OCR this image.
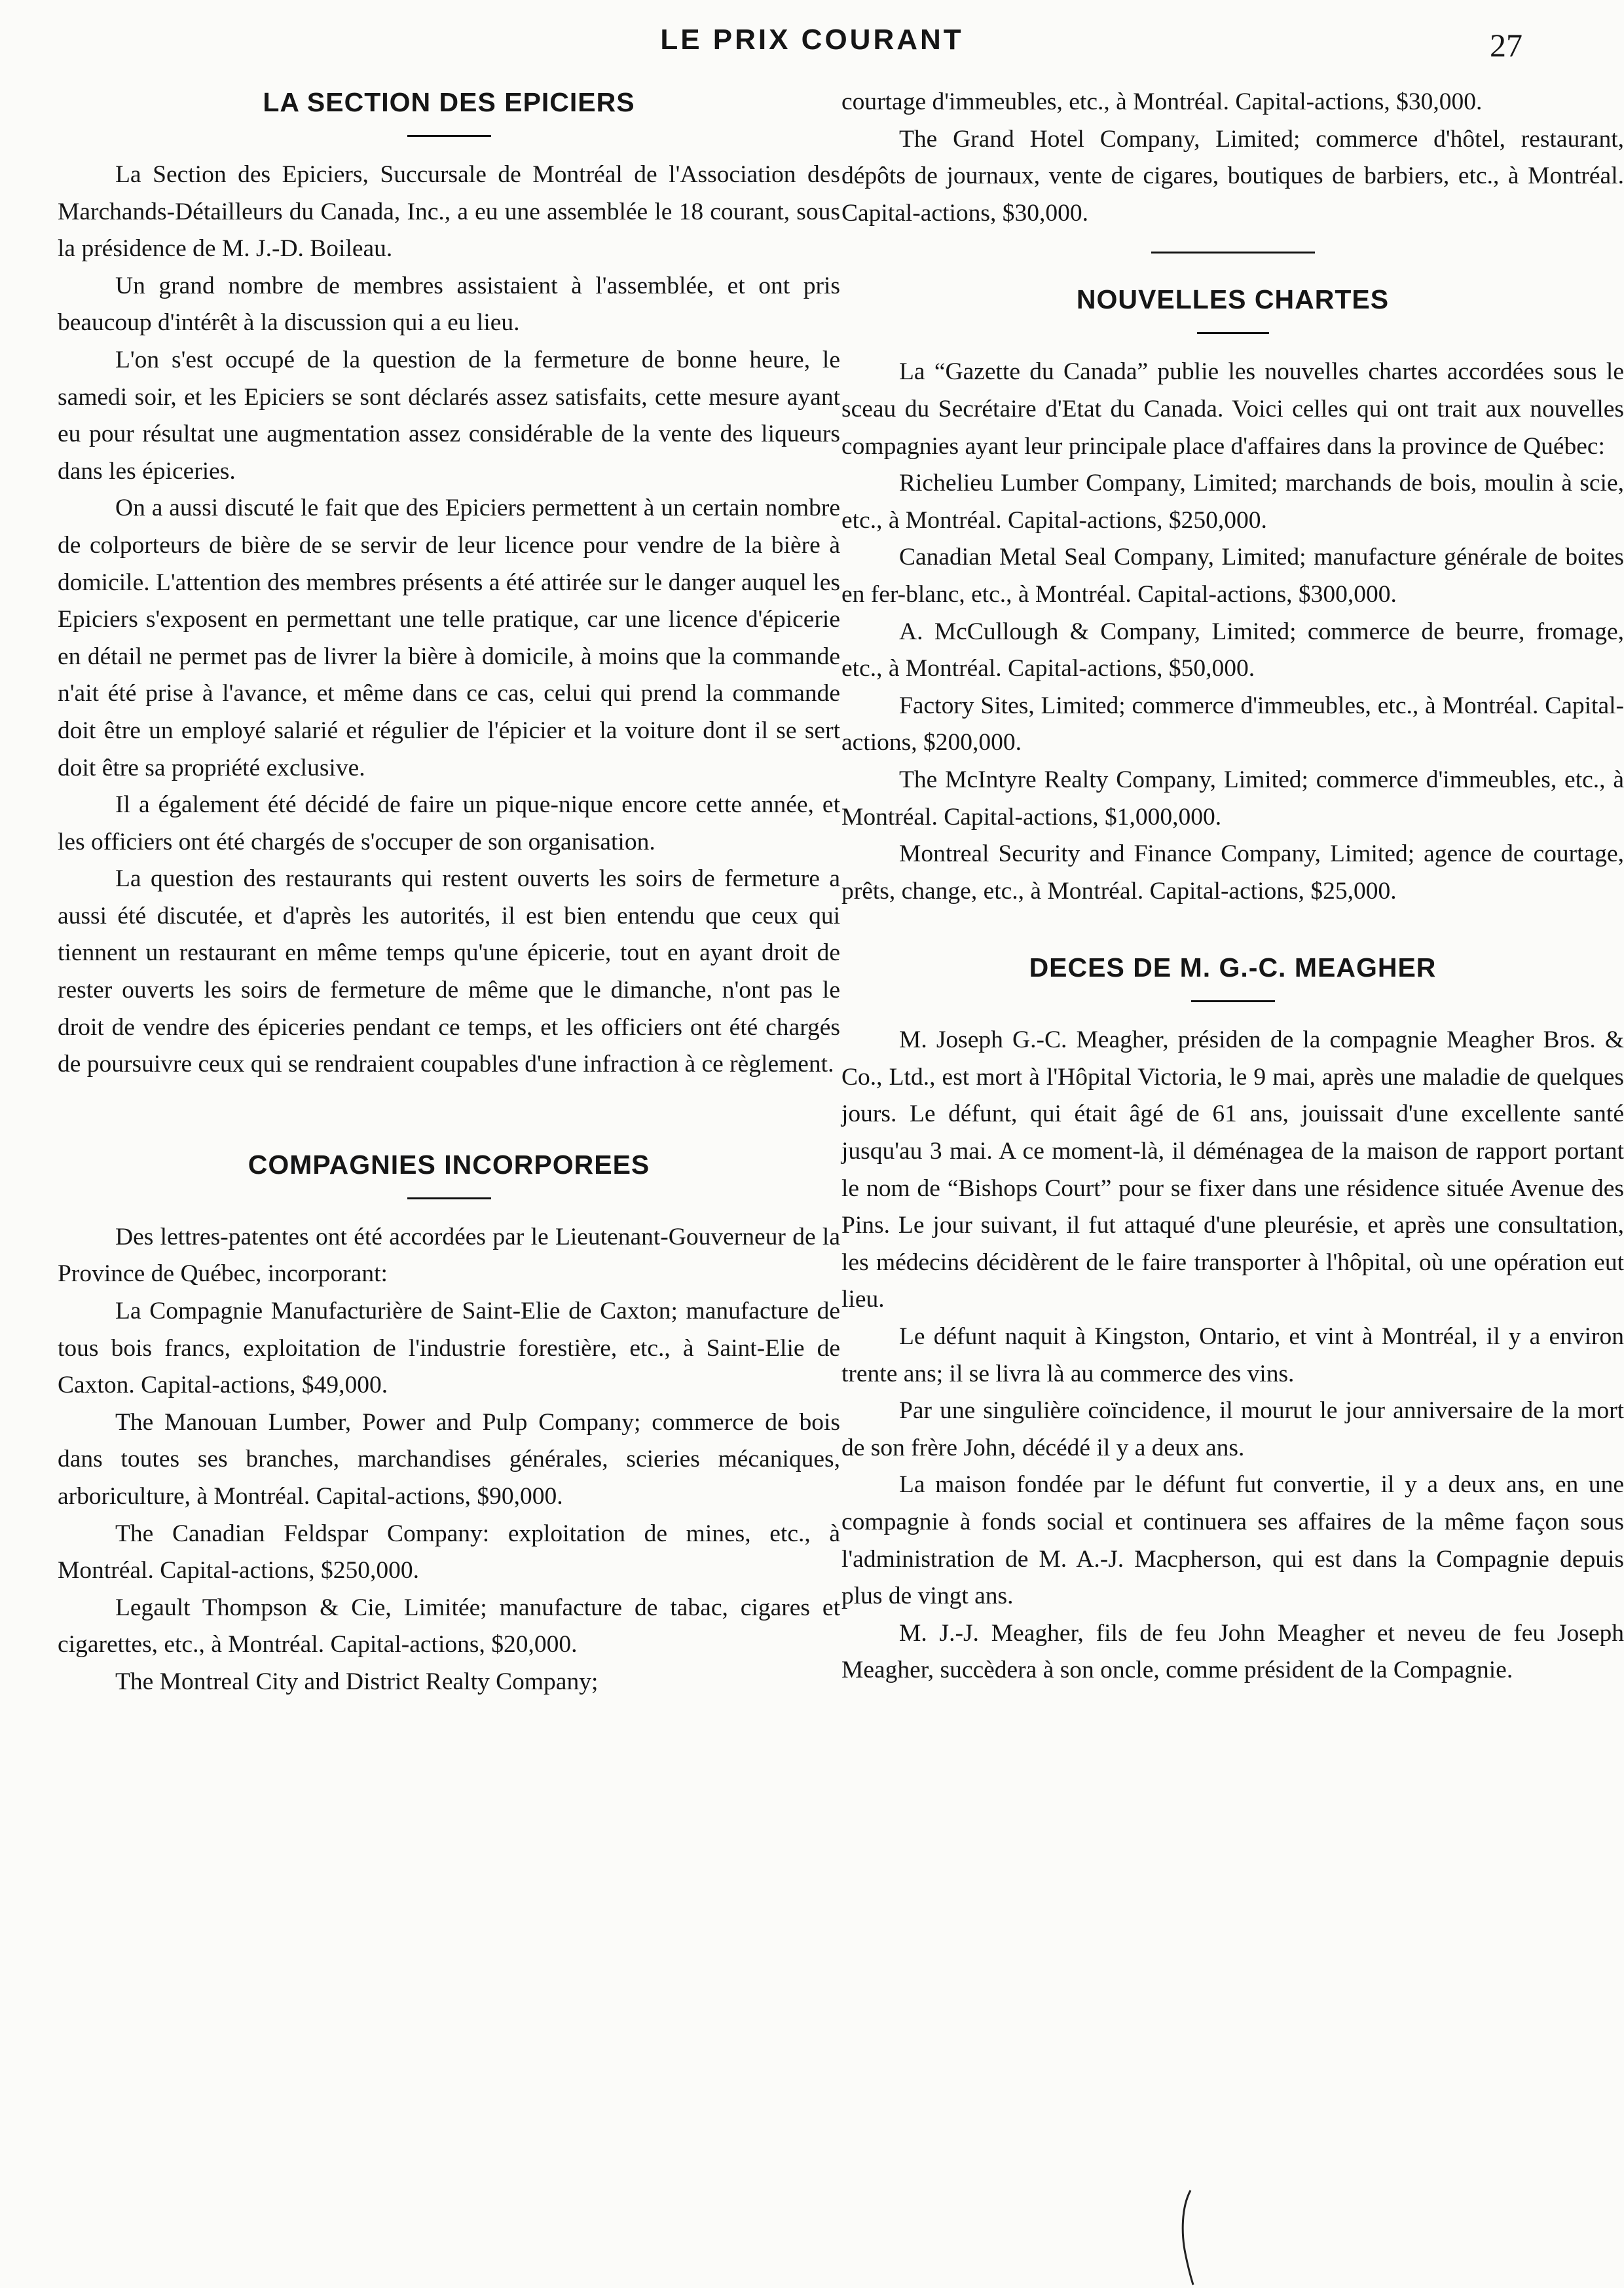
LE PRIX COURANT	27
LA SECTION DES EPICIERS

La Section des Epiciers, Succursale de Montréal de l'Association des Marchands-Détailleurs du Canada, Inc., a eu une assemblée le 18 courant, sous la présidence de M. J.-D. Boileau.

Un grand nombre de membres assistaient à l'assemblée, et ont pris beaucoup d'intérêt à la discussion qui a eu lieu.

L'on s'est occupé de la question de la fermeture de bonne heure, le samedi soir, et les Epiciers se sont déclarés assez satisfaits, cette mesure ayant eu pour résultat une augmentation assez considérable de la vente des liqueurs dans les épiceries.

On a aussi discuté le fait que des Epiciers permettent à un certain nombre de colporteurs de bière de se servir de leur licence pour vendre de la bière à domicile. L'attention des membres présents a été attirée sur le danger auquel les Epiciers s'exposent en permettant une telle pratique, car une licence d'épicerie en détail ne permet pas de livrer la bière à domicile, à moins que la commande n'ait été prise à l'avance, et même dans ce cas, celui qui prend la commande doit être un employé salarié et régulier de l'épicier et la voiture dont il se sert doit être sa propriété exclusive.

Il a également été décidé de faire un pique-nique encore cette année, et les officiers ont été chargés de s'occuper de son organisation.

La question des restaurants qui restent ouverts les soirs de fermeture a aussi été discutée, et d'après les autorités, il est bien entendu que ceux qui tiennent un restaurant en même temps qu'une épicerie, tout en ayant droit de rester ouverts les soirs de fermeture de même que le dimanche, n'ont pas le droit de vendre des épiceries pendant ce temps, et les officiers ont été chargés de poursuivre ceux qui se rendraient coupables d'une infraction à ce règlement.

COMPAGNIES INCORPOREES

Des lettres-patentes ont été accordées par le Lieutenant-Gouverneur de la Province de Québec, incorporant:

La Compagnie Manufacturière de Saint-Elie de Caxton; manufacture de tous bois francs, exploitation de l'industrie forestière, etc., à Saint-Elie de Caxton. Capital-actions, $49,000.

The Manouan Lumber, Power and Pulp Company; commerce de bois dans toutes ses branches, marchandises générales, scieries mécaniques, arboriculture, à Montréal. Capital-actions, $90,000.

The Canadian Feldspar Company: exploitation de mines, etc., à Montréal. Capital-actions, $250,000.

Legault Thompson & Cie, Limitée; manufacture de tabac, cigares et cigarettes, etc., à Montréal. Capital-actions, $20,000.

The Montreal City and District Realty Company;

courtage d'immeubles, etc., à Montréal. Capital-actions, $30,000.

The Grand Hotel Company, Limited; commerce d'hôtel, restaurant, dépôts de journaux, vente de cigares, boutiques de barbiers, etc., à Montréal. Capital-actions, $30,000.

NOUVELLES CHARTES

La “Gazette du Canada” publie les nouvelles chartes accordées sous le sceau du Secrétaire d'Etat du Canada. Voici celles qui ont trait aux nouvelles compagnies ayant leur principale place d'affaires dans la province de Québec:

Richelieu Lumber Company, Limited; marchands de bois, moulin à scie, etc., à Montréal. Capital-actions, $250,000.

Canadian Metal Seal Company, Limited; manufacture générale de boites en fer-blanc, etc., à Montréal. Capital-actions, $300,000.

A. McCullough & Company, Limited; commerce de beurre, fromage, etc., à Montréal. Capital-actions, $50,000.

Factory Sites, Limited; commerce d'immeubles, etc., à Montréal. Capital-actions, $200,000.

The McIntyre Realty Company, Limited; commerce d'immeubles, etc., à Montréal. Capital-actions, $1,000,000.

Montreal Security and Finance Company, Limited; agence de courtage, prêts, change, etc., à Montréal. Capital-actions, $25,000.

DECES DE M. G.-C. MEAGHER

M. Joseph G.-C. Meagher, présiden de la compagnie Meagher Bros. & Co., Ltd., est mort à l'Hôpital Victoria, le 9 mai, après une maladie de quelques jours. Le défunt, qui était âgé de 61 ans, jouissait d'une excellente santé jusqu'au 3 mai. A ce moment-là, il déménagea de la maison de rapport portant le nom de “Bishops Court” pour se fixer dans une résidence située Avenue des Pins. Le jour suivant, il fut attaqué d'une pleurésie, et après une consultation, les médecins décidèrent de le faire transporter à l'hôpital, où une opération eut lieu.

Le défunt naquit à Kingston, Ontario, et vint à Montréal, il y a environ trente ans; il se livra là au commerce des vins.

Par une singulière coïncidence, il mourut le jour anniversaire de la mort de son frère John, décédé il y a deux ans.

La maison fondée par le défunt fut convertie, il y a deux ans, en une compagnie à fonds social et continuera ses affaires de la même façon sous l'administration de M. A.-J. Macpherson, qui est dans la Compagnie depuis plus de vingt ans.

M. J.-J. Meagher, fils de feu John Meagher et neveu de feu Joseph Meagher, succèdera à son oncle, comme président de la Compagnie.
